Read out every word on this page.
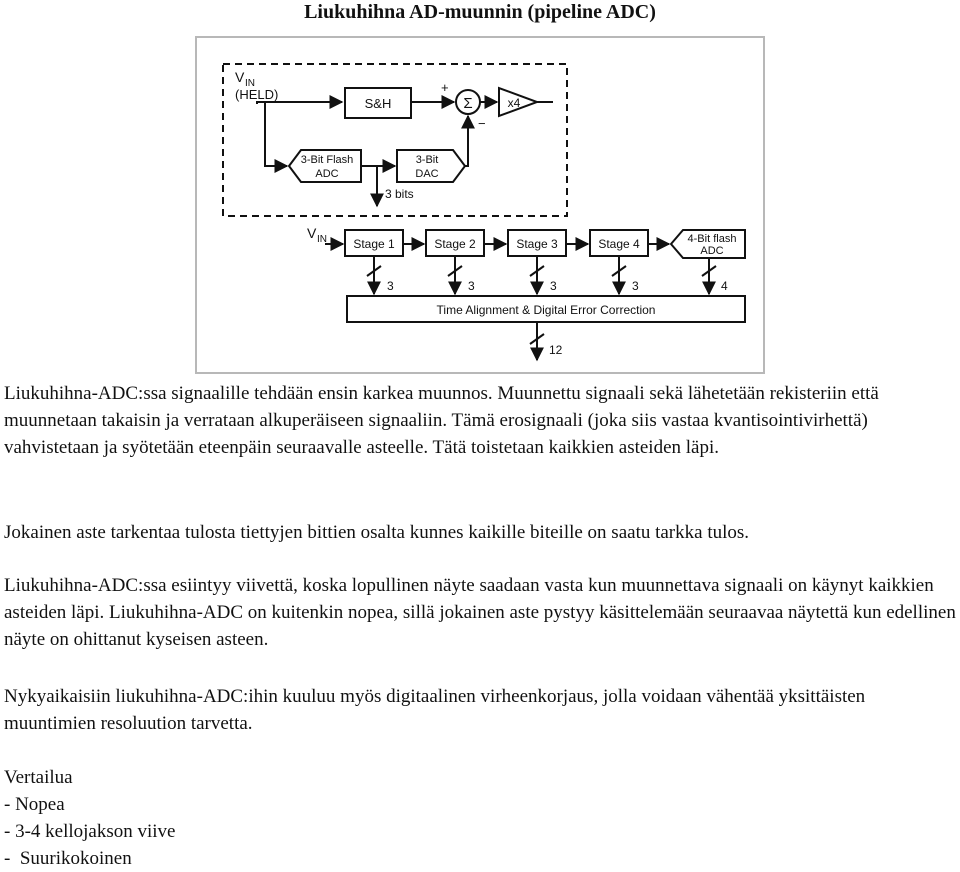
Liukuhihna AD-muunnin (pipeline ADC)
V IN
(HELD)
S&H
+
Σ
−
x4
3-Bit Flash
ADC
3-Bit
DAC
3 bits
V IN Stage 1	Stage 2	Stage 3	Stage 4	4-Bit flash
ADC
3	3	3	3	4
Time Alignment & Digital Error Correction
12

Liukuhihna-ADC:ssa signaalille tehdään ensin karkea muunnos. Muunnettu signaali sekä lähetetään rekisteriin että muunnetaan takaisin ja verrataan alkuperäiseen signaaliin. Tämä erosignaali (joka siis vastaa kvantisointivirhettä) vahvistetaan ja syötetään eteenpäin seuraavalle asteelle. Tätä toistetaan kaikkien asteiden läpi.

Jokainen aste tarkentaa tulosta tiettyjen bittien osalta kunnes kaikille biteille on saatu tarkka tulos.

Liukuhihna-ADC:ssa esiintyy viivettä, koska lopullinen näyte saadaan vasta kun muunnettava signaali on käynyt kaikkien asteiden läpi. Liukuhihna-ADC on kuitenkin nopea, sillä jokainen aste pystyy käsittelemään seuraavaa näytettä kun edellinen näyte on ohittanut kyseisen asteen.

Nykyaikaisiin liukuhihna-ADC:ihin kuuluu myös digitaalinen virheenkorjaus, jolla voidaan vähentää yksittäisten muuntimien resoluution tarvetta.

Vertailua
- Nopea
- 3-4 kellojakson viive
-  Suurikokoinen
